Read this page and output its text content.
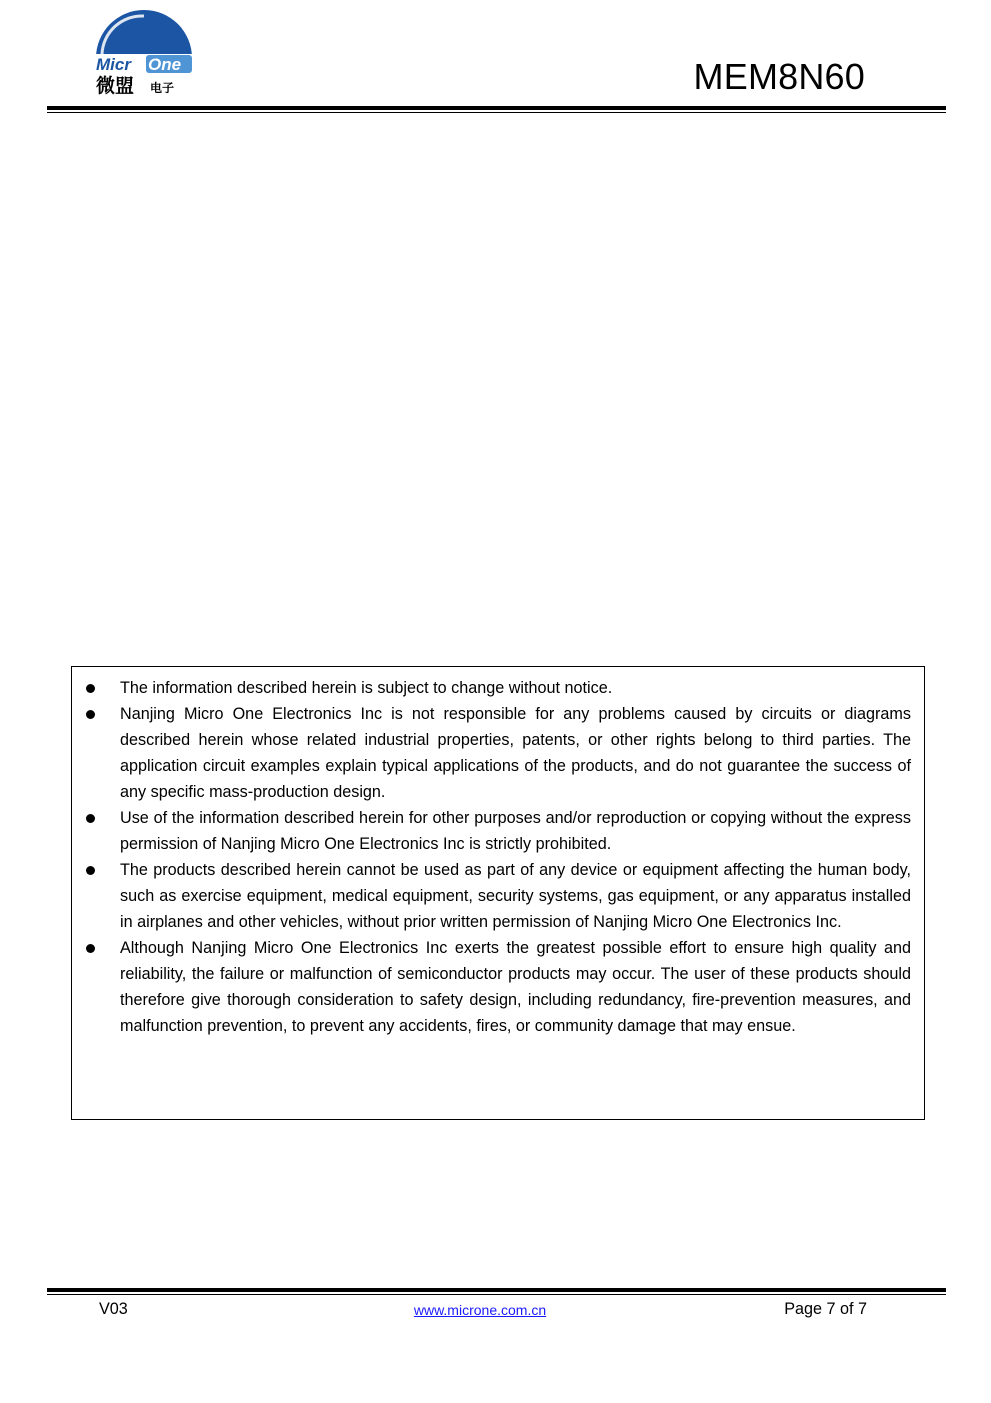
Micr One
微盟 电子	MEM8N60
The information described herein is subject to change without notice.
Nanjing Micro One Electronics Inc is not responsible for any problems caused by circuits or diagrams described herein whose related industrial properties, patents, or other rights belong to third parties. The application circuit examples explain typical applications of the products, and do not guarantee the success of any specific mass-production design.
Use of the information described herein for other purposes and/or reproduction or copying without the express permission of Nanjing Micro One Electronics Inc is strictly prohibited.
The products described herein cannot be used as part of any device or equipment affecting the human body, such as exercise equipment, medical equipment, security systems, gas equipment, or any apparatus installed in airplanes and other vehicles, without prior written permission of Nanjing Micro One Electronics Inc.
Although Nanjing Micro One Electronics Inc exerts the greatest possible effort to ensure high quality and reliability, the failure or malfunction of semiconductor products may occur. The user of these products should therefore give thorough consideration to safety design, including redundancy, fire-prevention measures, and malfunction prevention, to prevent any accidents, fires, or community damage that may ensue.
V03	www.microne.com.cn	Page 7 of 7
